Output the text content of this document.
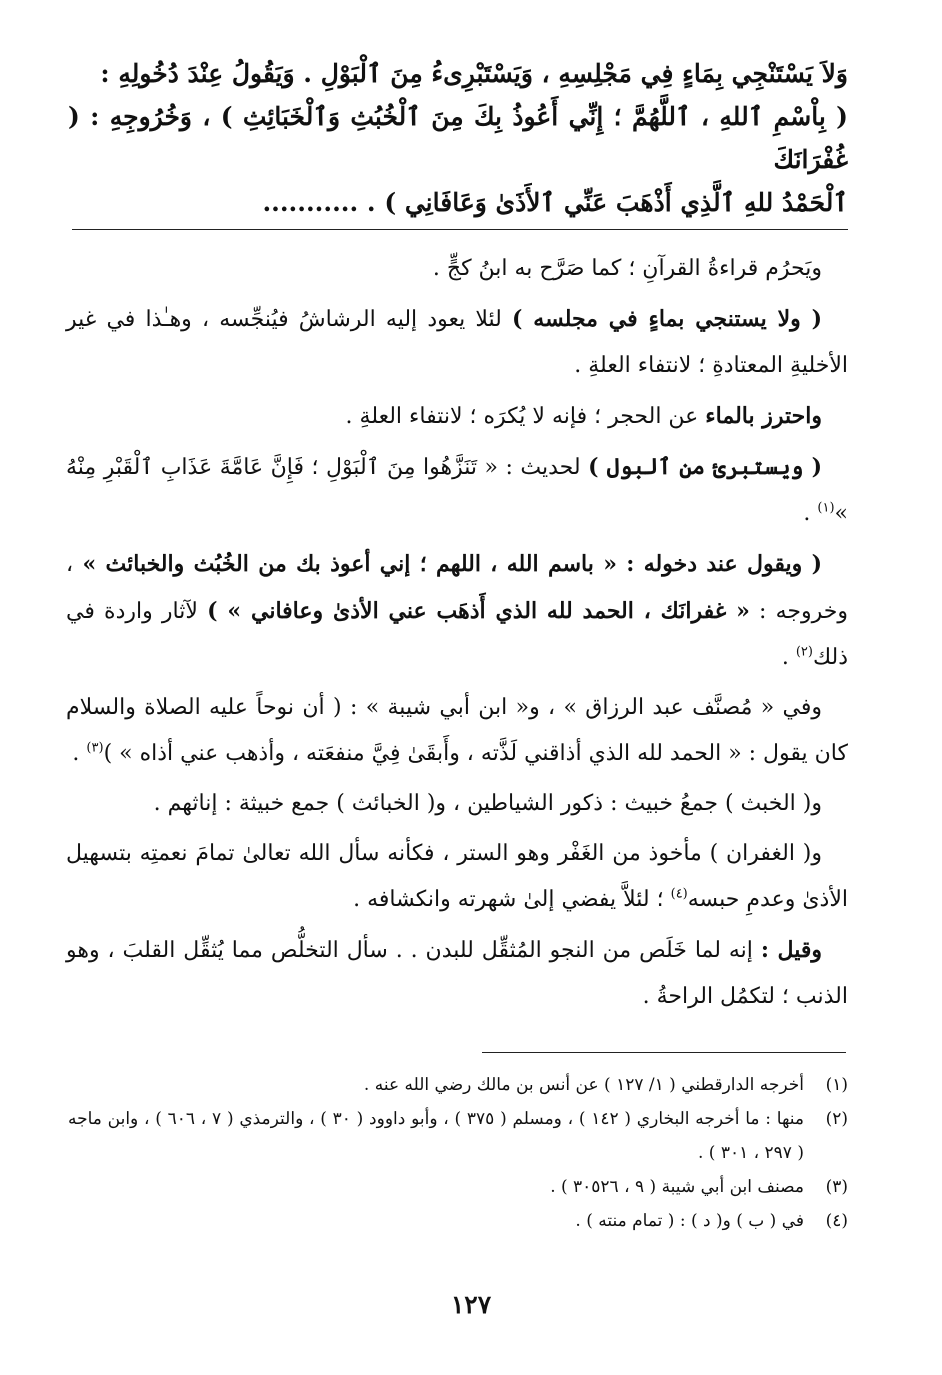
وَلاَ يَسْتَنْجِي بِمَاءٍ فِي مَجْلِسِهِ ، وَيَسْتَبْرِىءُ مِنَ ٱلْبَوْلِ . وَيَقُولُ عِنْدَ دُخُولِهِ :
( بِاْسْمِ ٱللهِ ، ٱللَّهُمَّ ؛ إِنِّي أَعُوذُ بِكَ مِنَ ٱلْخُبُثِ وَٱلْخَبَائِثِ ) ، وَخُرُوجِهِ : ( غُفْرَانَكَ
ٱلْحَمْدُ للهِ ٱلَّذِي أَذْهَبَ عَنِّي ٱلأَذَىٰ وَعَافَانِي ) . ...........

ويَحرُم قراءةُ القرآنِ ؛ كما صَرَّح به ابنُ كجٍّ .

( ولا يستنجي بماءٍ في مجلسه ) لئلا يعود إليه الرشاشُ فيُنجِّسه ، وهـٰذا في غير الأخليةِ المعتادةِ ؛ لانتفاء العلةِ .

واحترز بالماء عن الحجر ؛ فإنه لا يُكرَه ؛ لانتفاء العلةِ .

( ويستبرئ من ٱلبول ) لحديث : « تَنَزَّهُوا مِنَ ٱلْبَوْلِ ؛ فَإِنَّ عَامَّةَ عَذَابِ ٱلْقَبْرِ مِنْهُ »$^{(١)}$ .

( ويقول عند دخوله : « باسم الله ، اللهم ؛ إني أعوذ بك من الخُبُث والخبائث » ، وخروجه : « غفرانَك ، الحمد لله الذي أَذهَب عني الأذىٰ وعافاني » ) لآثار واردة في ذلك$^{(٢)}$ .

وفي « مُصنَّف عبد الرزاق » ، و« ابن أبي شيبة » : ( أن نوحاً عليه الصلاة والسلام كان يقول : « الحمد لله الذي أذاقني لَذَّته ، وأَبقَىٰ فِيَّ منفعَته ، وأذهب عني أذاه » )$^{(٣)}$ .

و( الخبث ) جمعُ خبيث : ذكور الشياطين ، و( الخبائث ) جمع خبيثة : إناثهم .

و( الغفران ) مأخوذ من الغَفْر وهو الستر ، فكأنه سأل الله تعالىٰ تمامَ نعمتِه بتسهيل الأذىٰ وعدمِ حبسه$^{(٤)}$ ؛ لئلاَّ يفضي إلىٰ شهرته وانكشافه .

وقيل : إنه لما خَلَص من النجو المُثقِّل للبدن . . سأل التخلُّص مما يُثقِّل القلبَ ، وهو الذنب ؛ لتكمُل الراحةُ .

(١)
أخرجه الدارقطني ( ١/ ١٢٧ ) عن أنس بن مالك رضي الله عنه .
(٢)
منها : ما أخرجه البخاري ( ١٤٢ ) ، ومسلم ( ٣٧٥ ) ، وأبو داوود ( ٣٠ ) ، والترمذي ( ٧ ، ٦٠٦ ) ، وابن ماجه ( ٢٩٧ ، ٣٠١ ) .
(٣)
مصنف ابن أبي شيبة ( ٩ ، ٣٠٥٢٦ ) .
(٤)
في ( ب ) و( د ) : ( تمام منته ) .
١٢٧
